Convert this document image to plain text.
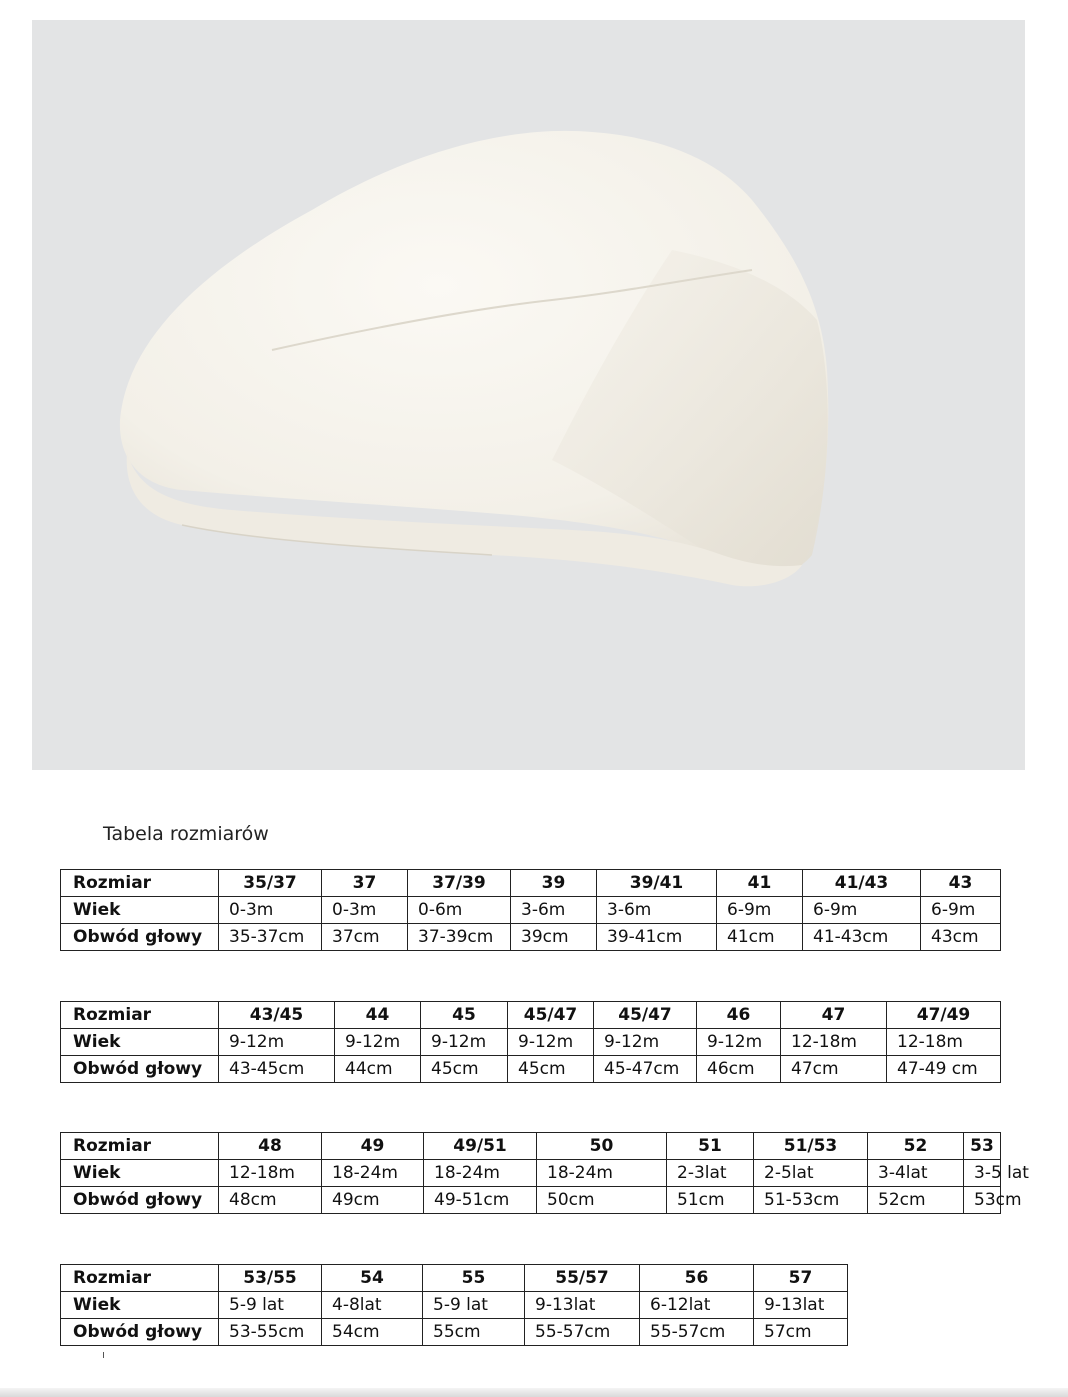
Tabela rozmiarów
Rozmiar	35/37	37	37/39	39	39/41	41	41/43	43
Wiek	0-3m	0-3m	0-6m	3-6m	3-6m	6-9m	6-9m	6-9m
Obwód głowy	35-37cm	37cm	37-39cm	39cm	39-41cm	41cm	41-43cm	43cm
Rozmiar	43/45	44	45	45/47	45/47	46	47	47/49
Wiek	9-12m	9-12m	9-12m	9-12m	9-12m	9-12m	12-18m	12-18m
Obwód głowy	43-45cm	44cm	45cm	45cm	45-47cm	46cm	47cm	47-49 cm
Rozmiar	48	49	49/51	50	51	51/53	52	53
Wiek	12-18m	18-24m	18-24m	18-24m	2-3lat	2-5lat	3-4lat	3-5 lat
Obwód głowy	48cm	49cm	49-51cm	50cm	51cm	51-53cm	52cm	53cm
Rozmiar	53/55	54	55	55/57	56	57
Wiek	5-9 lat	4-8lat	5-9 lat	9-13lat	6-12lat	9-13lat
Obwód głowy	53-55cm	54cm	55cm	55-57cm	55-57cm	57cm
